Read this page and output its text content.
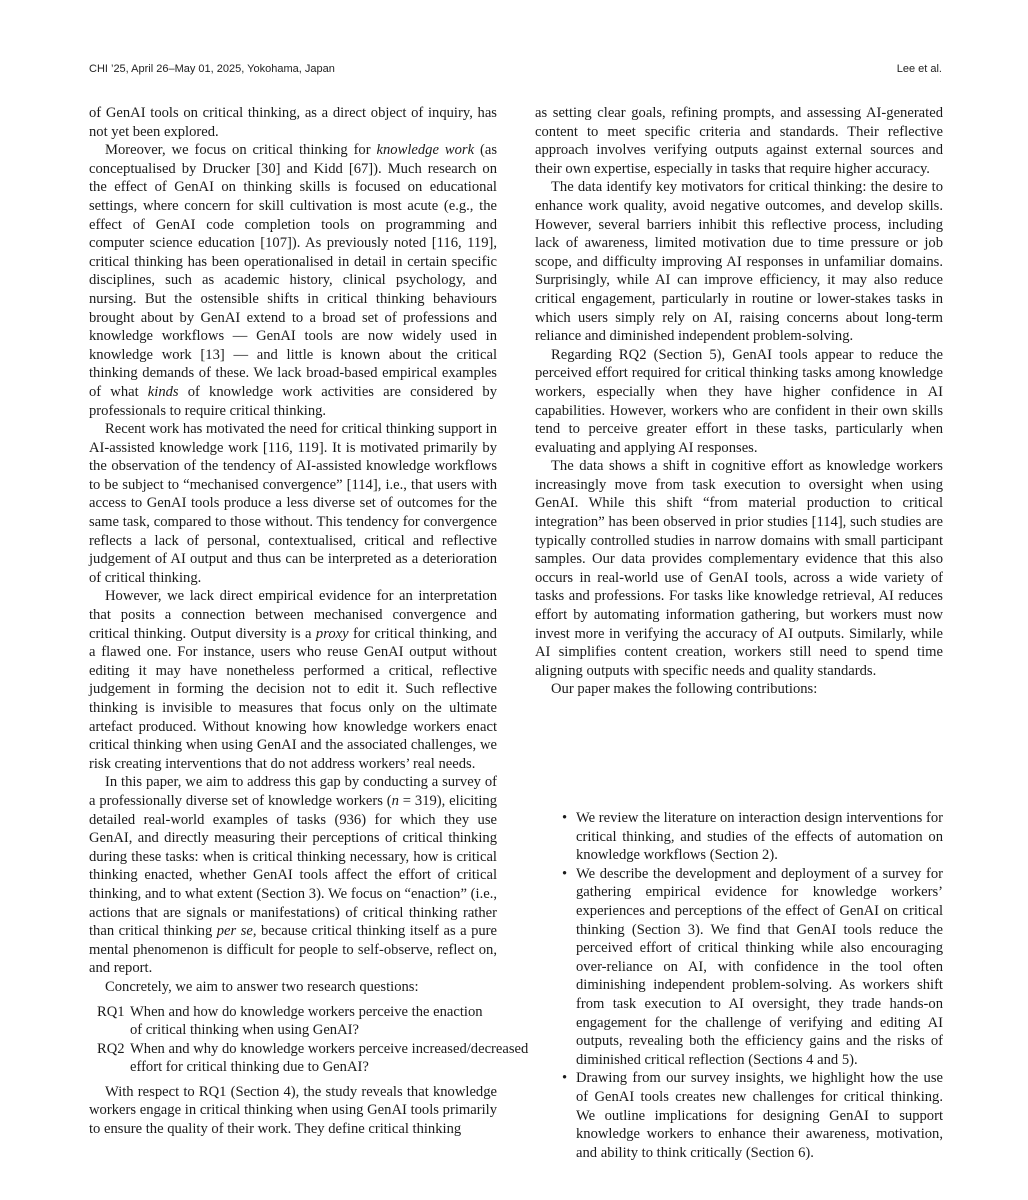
CHI ’25, April 26–May 01, 2025, Yokohama, Japan	Lee et al.

of GenAI tools on critical thinking, as a direct object of inquiry, has not yet been explored.

Moreover, we focus on critical thinking for knowledge work (as conceptualised by Drucker [30] and Kidd [67]). Much research on the effect of GenAI on thinking skills is focused on educational settings, where concern for skill cultivation is most acute (e.g., the effect of GenAI code completion tools on programming and computer science education [107]). As previously noted [116, 119], critical thinking has been operationalised in detail in certain specific disciplines, such as academic history, clinical psychology, and nursing. But the ostensible shifts in critical thinking behaviours brought about by GenAI extend to a broad set of professions and knowledge workflows — GenAI tools are now widely used in knowledge work [13] — and little is known about the critical thinking demands of these. We lack broad-based empirical examples of what kinds of knowledge work activities are considered by professionals to require critical thinking.

Recent work has motivated the need for critical thinking support in AI-assisted knowledge work [116, 119]. It is motivated primarily by the observation of the tendency of AI-assisted knowledge workflows to be subject to “mechanised convergence” [114], i.e., that users with access to GenAI tools produce a less diverse set of outcomes for the same task, compared to those without. This tendency for convergence reflects a lack of personal, contextualised, critical and reflective judgement of AI output and thus can be interpreted as a deterioration of critical thinking.

However, we lack direct empirical evidence for an interpretation that posits a connection between mechanised convergence and critical thinking. Output diversity is a proxy for critical thinking, and a flawed one. For instance, users who reuse GenAI output without editing it may have nonetheless performed a critical, reflective judgement in forming the decision not to edit it. Such reflective thinking is invisible to measures that focus only on the ultimate artefact produced. Without knowing how knowledge workers enact critical thinking when using GenAI and the associated challenges, we risk creating interventions that do not address workers’ real needs.

In this paper, we aim to address this gap by conducting a survey of a professionally diverse set of knowledge workers (n = 319), eliciting detailed real-world examples of tasks (936) for which they use GenAI, and directly measuring their perceptions of critical thinking during these tasks: when is critical thinking necessary, how is critical thinking enacted, whether GenAI tools affect the effort of critical thinking, and to what extent (Section 3). We focus on “enaction” (i.e., actions that are signals or manifestations) of critical thinking rather than critical thinking per se, because critical thinking itself as a pure mental phenomenon is difficult for people to self-observe, reflect on, and report.

Concretely, we aim to answer two research questions:

RQ1 When and how do knowledge workers perceive the enaction of critical thinking when using GenAI?
RQ2 When and why do knowledge workers perceive increased/decreased
effort for critical thinking due to GenAI?

With respect to RQ1 (Section 4), the study reveals that knowledge workers engage in critical thinking when using GenAI tools primarily to ensure the quality of their work. They define critical thinking

as setting clear goals, refining prompts, and assessing AI-generated content to meet specific criteria and standards. Their reflective approach involves verifying outputs against external sources and their own expertise, especially in tasks that require higher accuracy.

The data identify key motivators for critical thinking: the desire to enhance work quality, avoid negative outcomes, and develop skills. However, several barriers inhibit this reflective process, including lack of awareness, limited motivation due to time pressure or job scope, and difficulty improving AI responses in unfamiliar domains. Surprisingly, while AI can improve efficiency, it may also reduce critical engagement, particularly in routine or lower-stakes tasks in which users simply rely on AI, raising concerns about long-term reliance and diminished independent problem-solving.

Regarding RQ2 (Section 5), GenAI tools appear to reduce the perceived effort required for critical thinking tasks among knowledge workers, especially when they have higher confidence in AI capabilities. However, workers who are confident in their own skills tend to perceive greater effort in these tasks, particularly when evaluating and applying AI responses.

The data shows a shift in cognitive effort as knowledge workers increasingly move from task execution to oversight when using GenAI. While this shift “from material production to critical integration” has been observed in prior studies [114], such studies are typically controlled studies in narrow domains with small participant samples. Our data provides complementary evidence that this also occurs in real-world use of GenAI tools, across a wide variety of tasks and professions. For tasks like knowledge retrieval, AI reduces effort by automating information gathering, but workers must now invest more in verifying the accuracy of AI outputs. Similarly, while AI simplifies content creation, workers still need to spend time aligning outputs with specific needs and quality standards.

Our paper makes the following contributions:

• We review the literature on interaction design interventions for critical thinking, and studies of the effects of automation on knowledge workflows (Section 2).
• We describe the development and deployment of a survey for gathering empirical evidence for knowledge workers’ experiences and perceptions of the effect of GenAI on critical thinking (Section 3). We find that GenAI tools reduce the perceived effort of critical thinking while also encouraging over-reliance on AI, with confidence in the tool often diminishing independent problem-solving. As workers shift from task execution to AI oversight, they trade hands-on engagement for the challenge of verifying and editing AI outputs, revealing both the efficiency gains and the risks of diminished critical reflection (Sections 4 and 5).
• Drawing from our survey insights, we highlight how the use of GenAI tools creates new challenges for critical thinking. We outline implications for designing GenAI to support knowledge workers to enhance their awareness, motivation, and ability to think critically (Section 6).
